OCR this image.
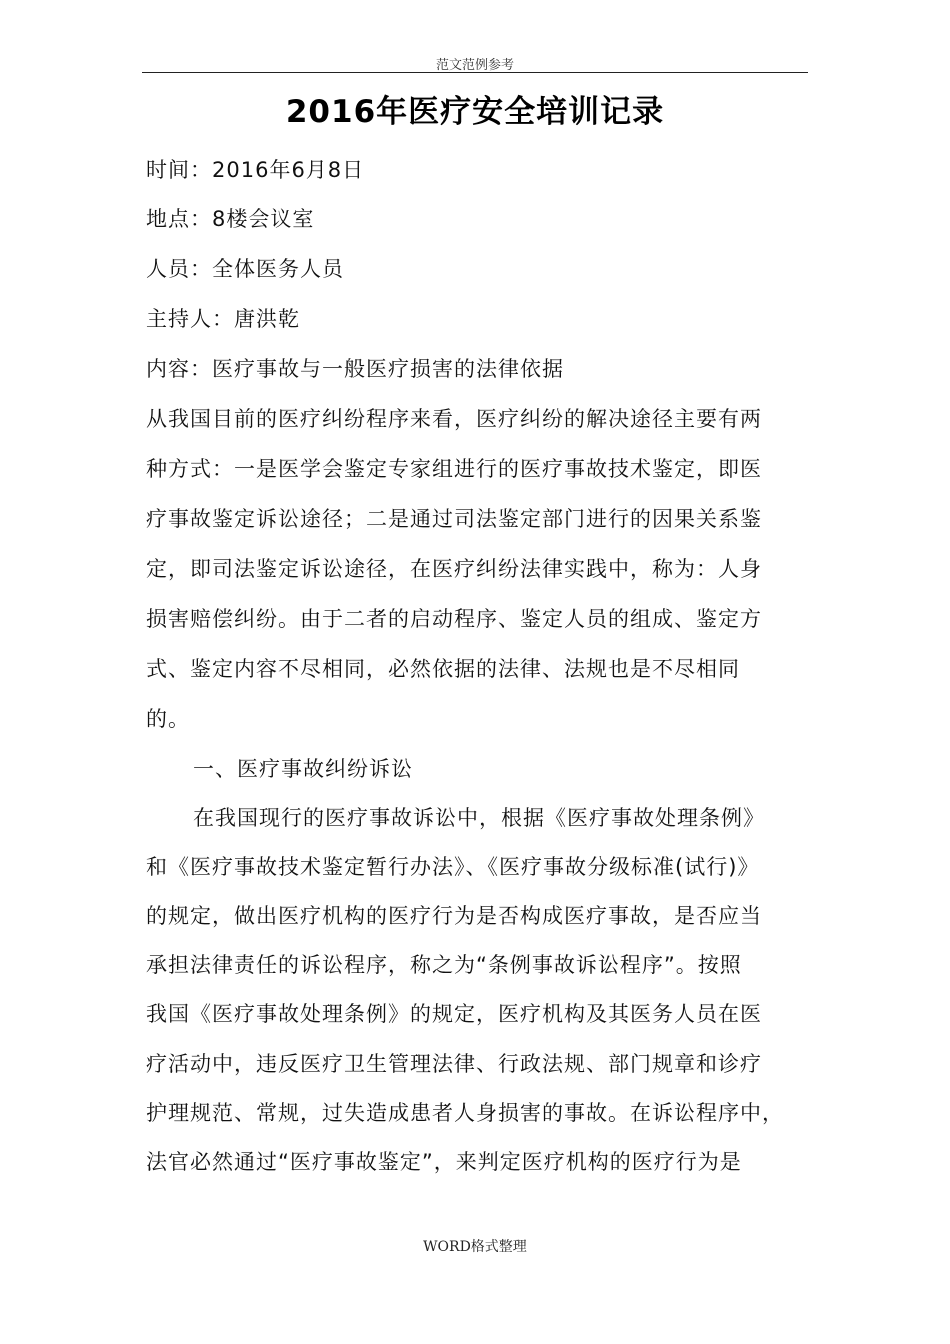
范文范例参考
2016年医疗安全培训记录
时间：2016年6月8日
地点：8楼会议室
人员：全体医务人员
主持人：唐洪乾
内容：医疗事故与一般医疗损害的法律依据
从我国目前的医疗纠纷程序来看，医疗纠纷的解决途径主要有两
种方式：一是医学会鉴定专家组进行的医疗事故技术鉴定，即医
疗事故鉴定诉讼途径；二是通过司法鉴定部门进行的因果关系鉴
定，即司法鉴定诉讼途径，在医疗纠纷法律实践中，称为：人身
损害赔偿纠纷。由于二者的启动程序、鉴定人员的组成、鉴定方
式、鉴定内容不尽相同，必然依据的法律、法规也是不尽相同
的。
一、医疗事故纠纷诉讼
在我国现行的医疗事故诉讼中，根据《医疗事故处理条例》
和《医疗事故技术鉴定暂行办法》、《医疗事故分级标准(试行)》
的规定，做出医疗机构的医疗行为是否构成医疗事故，是否应当
承担法律责任的诉讼程序，称之为“条例事故诉讼程序”。按照
我国《医疗事故处理条例》的规定，医疗机构及其医务人员在医
疗活动中，违反医疗卫生管理法律、行政法规、部门规章和诊疗
护理规范、常规，过失造成患者人身损害的事故。在诉讼程序中，
法官必然通过“医疗事故鉴定”，来判定医疗机构的医疗行为是
WORD格式整理
